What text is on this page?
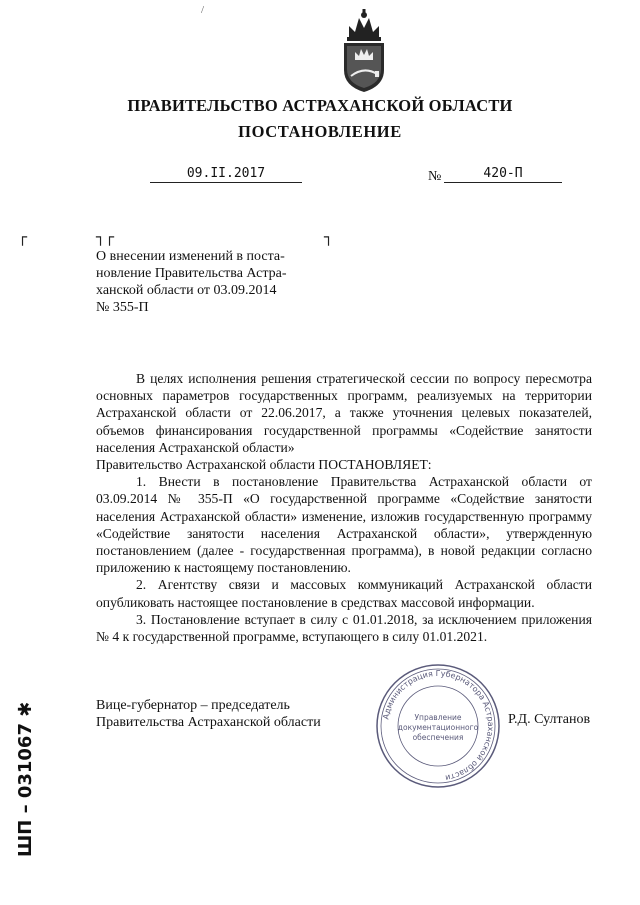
/
ПРАВИТЕЛЬСТВО АСТРАХАНСКОЙ ОБЛАСТИ
ПОСТАНОВЛЕНИЕ
09.II.2017	№	420-П
┌	┐┌	┐
О внесении изменений в поста-
новление Правительства Астра-
ханской области от 03.09.2014
№ 355-П

В целях исполнения решения стратегической сессии по вопросу пересмотра основных параметров государственных программ, реализуемых на территории Астраханской области от 22.06.2017, а также уточнения целевых показателей, объемов финансирования государственной программы «Содействие занятости населения Астраханской области»

Правительство Астраханской области ПОСТАНОВЛЯЕТ:

1. Внести в постановление Правительства Астраханской области от 03.09.2014 № 355-П «О государственной программе «Содействие занятости населения Астраханской области» изменение, изложив государственную программу «Содействие занятости населения Астраханской области», утвержденную постановлением (далее - государственная программа), в новой редакции согласно приложению к настоящему постановлению.

2. Агентству связи и массовых коммуникаций Астраханской области опубликовать настоящее постановление в средствах массовой информации.

3. Постановление вступает в силу с 01.01.2018, за исключением приложения № 4 к государственной программе, вступающего в силу 01.01.2021.

Вице-губернатор – председатель
Правительства Астраханской области	Администрация Губернатора Астраханской области
Управление
документационного
обеспечения
Р.Д. Султанов
ШП – 031067 ✱
